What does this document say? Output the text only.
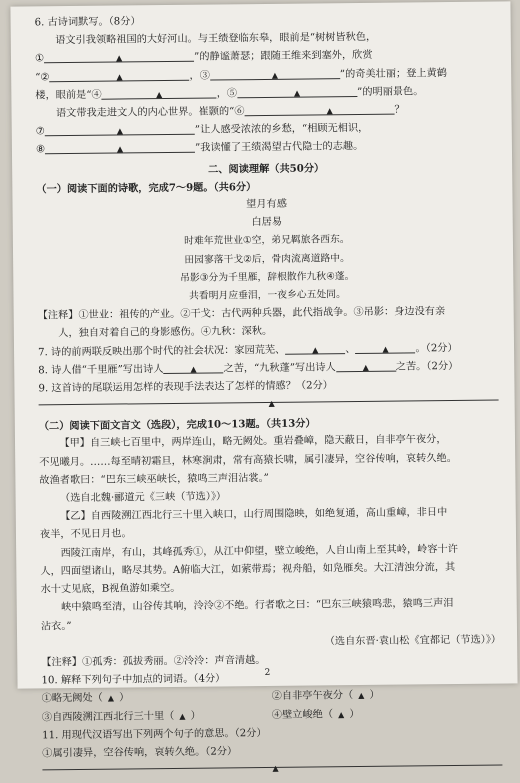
6. 古诗词默写。（8分）

语文引我领略祖国的大好河山。与王绩登临东皋，眼前是“树树皆秋色，

①	▲	”的静谧萧瑟；跟随王维来到塞外，欣赏

“②	▲	，③	▲	”的奇美壮丽；登上黄鹤

楼，眼前是“④	▲	，⑤	▲	”的明丽景色。

语文带我走进文人的内心世界。崔颢的“⑥	▲	？

⑦	▲	”让人感受浓浓的乡愁，“相顾无相识，

⑧	▲	”我读懂了王绩渴望古代隐士的志趣。

二、阅读理解（共50分）

（一）阅读下面的诗歌，完成7～9题。（共6分）

望月有感

白居易

时难年荒世业①空，弟兄羁旅各西东。

田园寥落干戈②后，骨肉流离道路中。

吊影③分为千里雁，辞根散作九秋④蓬。

共看明月应垂泪，一夜乡心五处同。

【注释】①世业：祖传的产业。②干戈：古代两种兵器，此代指战争。③吊影：身边没有亲

人，独自对着自己的身影感伤。④九秋：深秋。

7. 诗的前两联反映出那个时代的社会状况：家园荒芜、	▲	、	▲	。（2分）

8. 诗人借“千里雁”写出诗人	▲	之苦，“九秋蓬”写出诗人	▲	之苦。（2分）

9. 这首诗的尾联运用怎样的表现手法表达了怎样的情感？（2分）

▲

（二）阅读下面文言文（选段），完成10～13题。（共13分）

【甲】自三峡七百里中，两岸连山，略无阙处。重岩叠嶂，隐天蔽日，自非亭午夜分，

不见曦月。……每至晴初霜旦，林寒涧肃，常有高猿长啸，属引凄异，空谷传响，哀转久绝。

故渔者歌曰：“巴东三峡巫峡长，猿鸣三声泪沾裳。”

（选自北魏·郦道元《三峡（节选）》）

【乙】自西陵溯江西北行三十里入峡口，山行周围隐映，如绝复通，高山重嶂，非日中

夜半，不见日月也。

西陵江南岸，有山，其峰孤秀①，从江中仰望，壁立峻绝，人自山南上至其岭，岭容十许

人，四面望诸山，略尽其势。A俯临大江，如萦带焉；视舟船，如凫雁矣。大江清浊分流，其

水十丈见底，B视鱼游如乘空。

峡中猿鸣至清，山谷传其响，泠泠②不绝。行者歌之曰：“巴东三峡猿鸣悲，猿鸣三声泪

沾衣。”

（选自东晋·袁山松《宜都记（节选）》）

【注释】①孤秀：孤拔秀丽。②泠泠：声音清越。

10. 解释下列句子中加点的词语。（4分）

①略无阙处（  ▲  ）	②自非亭午夜分（  ▲  ）
③自西陵溯江西北行三十里（  ▲  ）	④壁立峻绝（  ▲  ）

11. 用现代汉语写出下列两个句子的意思。（2分）

①属引凄异，空谷传响，哀转久绝。（2分）

▲
2
